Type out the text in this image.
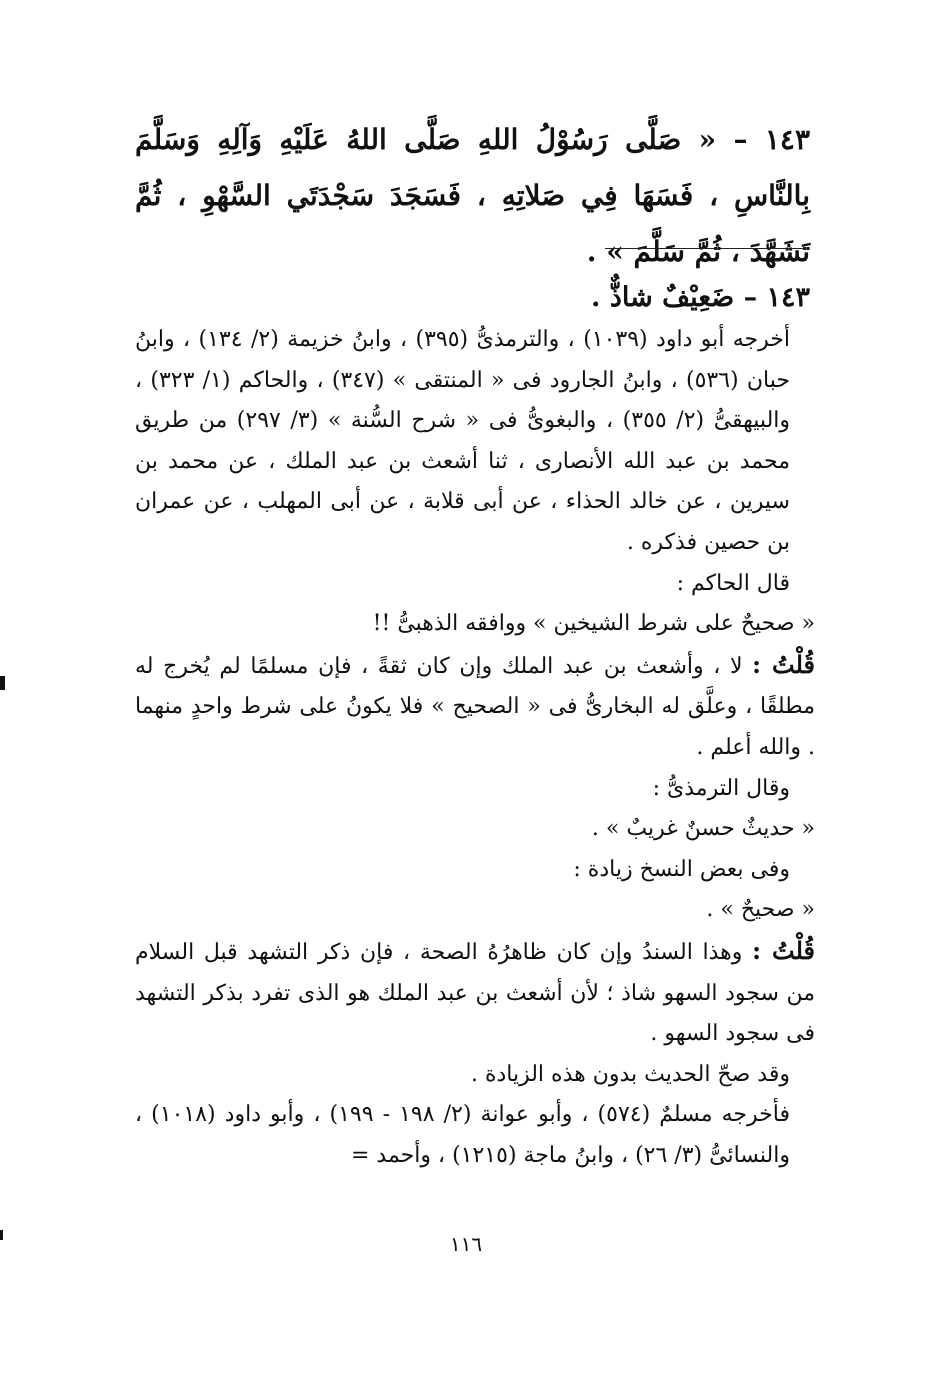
١٤٣ – « صَلَّى رَسُوْلُ اللهِ صَلَّى اللهُ عَلَيْهِ وَآلِهِ وَسَلَّمَ بِالنَّاسِ ، فَسَهَا فِي صَلاتِهِ ، فَسَجَدَ سَجْدَتَي السَّهْوِ ، ثُمَّ تَشَهَّدَ ، ثُمَّ سَلَّمَ » .
١٤٣ – ضَعِيْفٌ شاذٌّ .

أخرجه أبو داود (١٠٣٩) ، والترمذىُّ (٣٩٥) ، وابنُ خزيمة (٢/ ١٣٤) ، وابنُ حبان (٥٣٦) ، وابنُ الجارود فى « المنتقى » (٣٤٧) ، والحاكم (١/ ٣٢٣) ، والبيهقىُّ (٢/ ٣٥٥) ، والبغوىُّ فى « شرح السُّنة » (٣/ ٢٩٧) من طريق محمد بن عبد الله الأنصارى ، ثنا أشعث بن عبد الملك ، عن محمد بن سيرين ، عن خالد الحذاء ، عن أبى قلابة ، عن أبى المهلب ، عن عمران بن حصين فذكره .

قال الحاكم :

« صحيحٌ على شرط الشيخين » ووافقه الذهبىُّ !!

قُلْتُ : لا ، وأشعث بن عبد الملك وإن كان ثقةً ، فإن مسلمًا لم يُخرج له مطلقًا ، وعلَّق له البخارىُّ فى « الصحيح » فلا يكونُ على شرط واحدٍ منهما . والله أعلم .

وقال الترمذىُّ :

« حديثٌ حسنٌ غريبٌ » .

وفى بعض النسخ زيادة :

« صحيحٌ » .

قُلْتُ : وهذا السندُ وإن كان ظاهرُهُ الصحة ، فإن ذكر التشهد قبل السلام من سجود السهو شاذ ؛ لأن أشعث بن عبد الملك هو الذى تفرد بذكر التشهد فى سجود السهو .

وقد صحّ الحديث بدون هذه الزيادة .

فأخرجه مسلمٌ (٥٧٤) ، وأبو عوانة (٢/ ١٩٨ - ١٩٩) ، وأبو داود (١٠١٨) ، والنسائىُّ (٣/ ٢٦) ، وابنُ ماجة (١٢١٥) ، وأحمد =

١١٦
